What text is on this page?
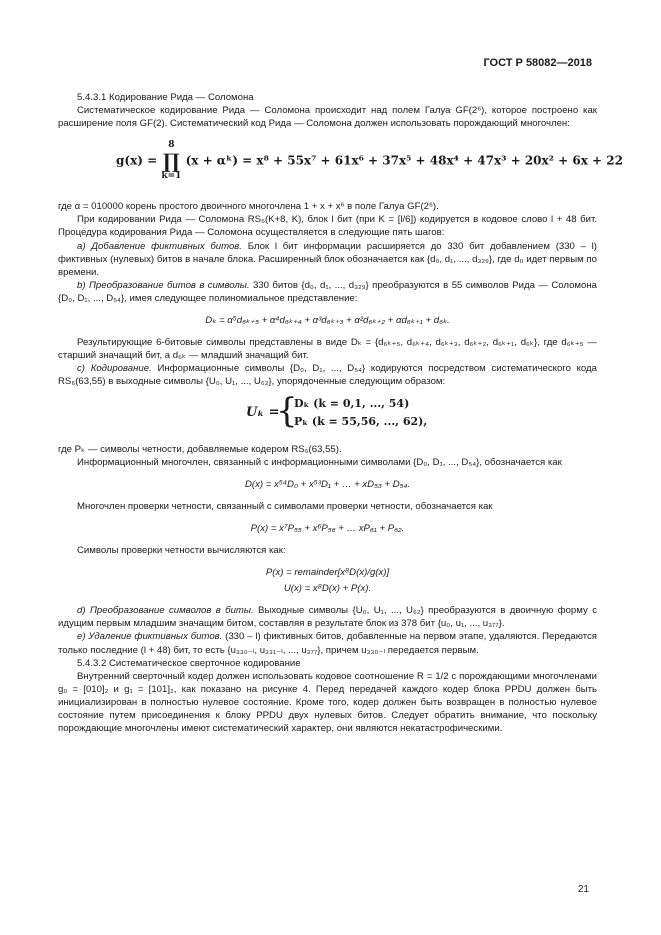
ГОСТ Р 58082—2018

5.4.3.1 Кодирование Рида — Соломона

Систематическое кодирование Рида — Соломона происходит над полем Галуа GF(2⁶), которое построено как расширение поля GF(2). Систематический код Рида — Соломона должен использовать порождающий многочлен:

g(x) =
8
∏
k=1
(x + αᵏ) = x⁸ + 55x⁷ + 61x⁶ + 37x⁵ + 48x⁴ + 47x³ + 20x² + 6x + 22

где α = 010000 корень простого двоичного многочлена 1 + x + x⁶ в поле Галуа GF(2⁶).

При кодировании Рида — Соломона RS₆(K+8, K), блок l бит (при K = [l/6]) кодируется в кодовое слово l + 48 бит. Процедура кодирования Рида — Соломона осуществляется в следующие пять шагов:

а) Добавление фиктивных битов. Блок l бит информации расширяется до 330 бит добавлением (330 – l) фиктивных (нулевых) битов в начале блока. Расширенный блок обозначается как {d₀, d₁, ..., d₃₂₉}, где d₀ идет первым по времени.

b) Преобразование битов в символы. 330 битов {d₀, d₁, ..., d₃₂₉} преобразуются в 55 символов Рида — Соломона {D₀, D₁, ..., D₅₄}, имея следующее полиномиальное представление:

Dₖ = α⁵d₆ₖ₊₅ + α⁴d₆ₖ₊₄ + α³d₆ₖ₊₃ + α²d₆ₖ₊₂ + αd₆ₖ₊₁ + d₆ₖ.

Результирующие 6-битовые символы представлены в виде Dₖ = {d₆ₖ₊₅, d₆ₖ₊₄, d₆ₖ₊₃, d₆ₖ₊₂, d₆ₖ₊₁, d₆ₖ}, где d₆ₖ₊₅ — старший значащий бит, а d₆ₖ — младший значащий бит.

c) Кодирование. Информационные символы {D₀, D₁, ..., D₅₄} кодируются посредством систематического кода RS₆(63,55) в выходные символы {U₀, U₁, ..., U₆₂}, упорядоченные следующим образом:

Uₖ =
{
Dₖ (k = 0,1, ..., 54)
Pₖ (k = 55,56, ..., 62),

где Pₖ — символы четности, добавляемые кодером RS₆(63,55).

Информационный многочлен, связанный с информационными символами {D₀, D₁, ..., D₅₄}, обозначается как

D(x) = x⁵⁴D₀ + x⁵³D₁ + … + xD₅₃ + D₅₄.

Многочлен проверки четности, связанный с символами проверки четности, обозначается как

P(x) = x⁷P₅₅ + x⁶P₅₆ + … xP₆₁ + P₆₂.

Символы проверки четности вычисляются как:

P(x) = remainder[x⁸D(x)/g(x)]

U(x) = x⁸D(x) + P(x).

d) Преобразование символов в биты. Выходные символы {U₀, U₁, ..., U₆₂} преобразуются в двоичную форму с идущим первым младшим значащим битом, составляя в результате блок из 378 бит {u₀, u₁, ..., u₃₇₇}.

e) Удаление фиктивных битов. (330 – l) фиктивных битов, добавленные на первом этапе, удаляются. Передаются только последние (l + 48) бит, то есть {u₃₃₀₋ₗ, u₃₃₁₋ₗ, ..., u₃₇₇}, причем u₃₃₀₋ₗ передается первым.

5.4.3.2 Систематическое сверточное кодирование

Внутренний сверточный кодер должен использовать кодовое соотношение R = 1/2 с порождающими многочленами g₀ = [010]₂ и g₁ = [101]₂, как показано на рисунке 4. Перед передачей каждого кодер блока PPDU должен быть инициализирован в полностью нулевое состояние. Кроме того, кодер должен быть возвращен в полностью нулевое состояние путем присоединения к блоку PPDU двух нулевых битов. Следует обратить внимание, что поскольку порождающие многочлены имеют систематический характер, они являются некатастрофическими.

21
